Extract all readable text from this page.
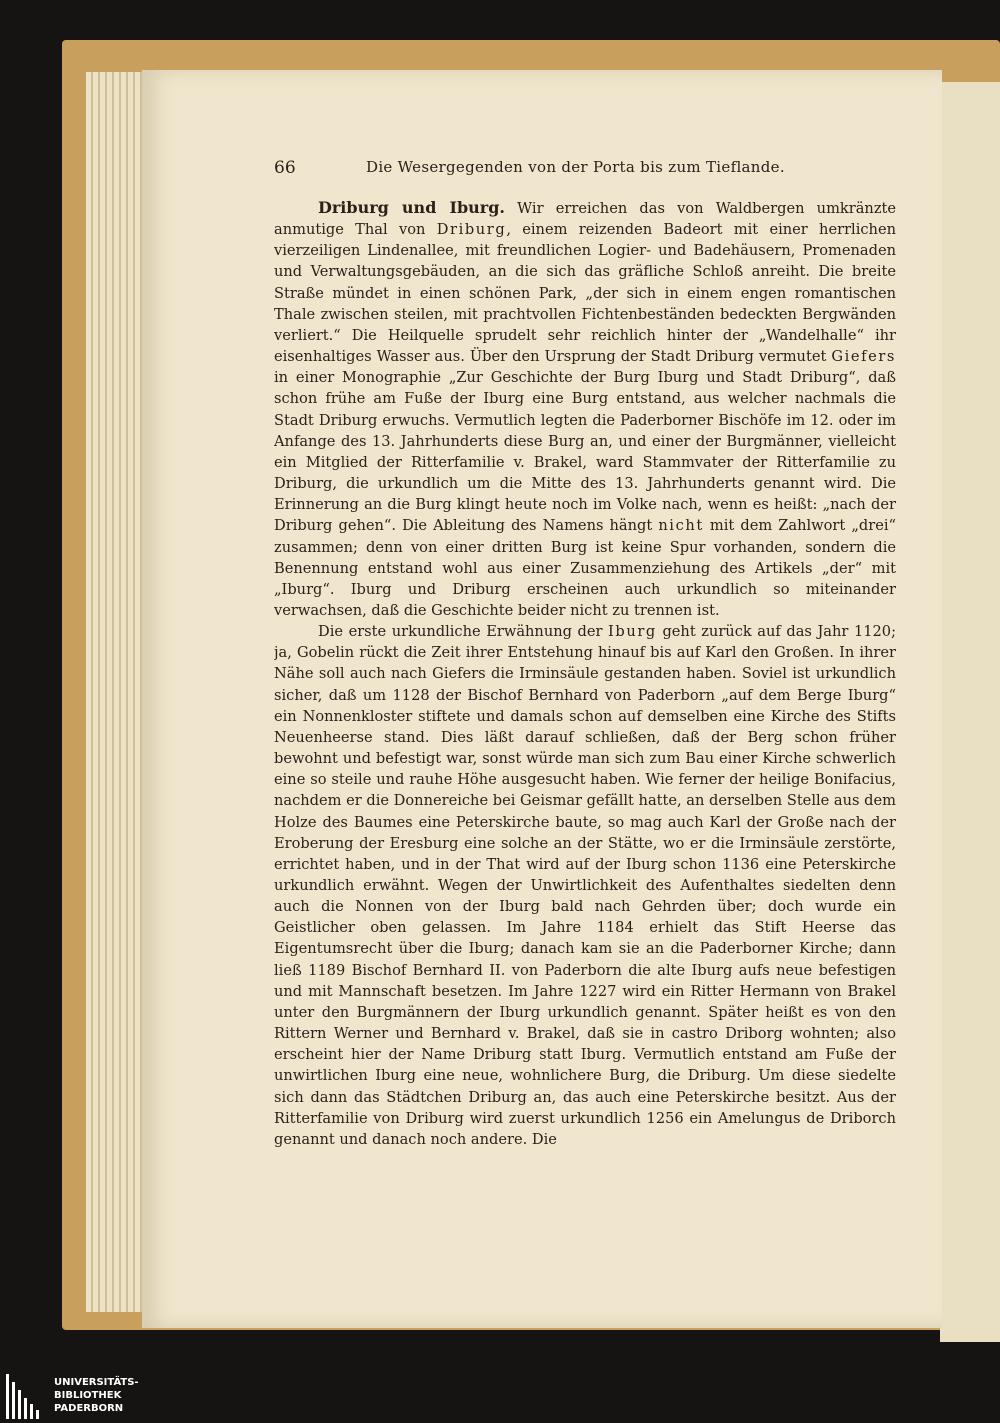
66	Die Wesergegenden von der Porta bis zum Tieflande.

Driburg und Iburg. Wir erreichen das von Waldbergen umkränzte anmutige Thal von Driburg, einem reizenden Badeort mit einer herrlichen vierzeiligen Lindenallee, mit freundlichen Logier- und Badehäusern, Promenaden und Verwaltungsgebäuden, an die sich das gräfliche Schloß anreiht. Die breite Straße mündet in einen schönen Park, „der sich in einem engen romantischen Thale zwischen steilen, mit prachtvollen Fichtenbeständen bedeckten Bergwänden verliert.“ Die Heilquelle sprudelt sehr reichlich hinter der „Wandelhalle“ ihr eisenhaltiges Wasser aus. Über den Ursprung der Stadt Driburg vermutet Giefers in einer Monographie „Zur Geschichte der Burg Iburg und Stadt Driburg“, daß schon frühe am Fuße der Iburg eine Burg entstand, aus welcher nachmals die Stadt Driburg erwuchs. Vermutlich legten die Paderborner Bischöfe im 12. oder im Anfange des 13. Jahrhunderts diese Burg an, und einer der Burgmänner, vielleicht ein Mitglied der Ritterfamilie v. Brakel, ward Stammvater der Ritterfamilie zu Driburg, die urkundlich um die Mitte des 13. Jahrhunderts genannt wird. Die Erinnerung an die Burg klingt heute noch im Volke nach, wenn es heißt: „nach der Driburg gehen“. Die Ableitung des Namens hängt nicht mit dem Zahlwort „drei“ zusammen; denn von einer dritten Burg ist keine Spur vorhanden, sondern die Benennung entstand wohl aus einer Zusammenziehung des Artikels „der“ mit „Iburg“. Iburg und Driburg erscheinen auch urkundlich so miteinander verwachsen, daß die Geschichte beider nicht zu trennen ist.

Die erste urkundliche Erwähnung der Iburg geht zurück auf das Jahr 1120; ja, Gobelin rückt die Zeit ihrer Entstehung hinauf bis auf Karl den Großen. In ihrer Nähe soll auch nach Giefers die Irminsäule gestanden haben. Soviel ist urkundlich sicher, daß um 1128 der Bischof Bernhard von Paderborn „auf dem Berge Iburg“ ein Nonnenkloster stiftete und damals schon auf demselben eine Kirche des Stifts Neuenheerse stand. Dies läßt darauf schließen, daß der Berg schon früher bewohnt und befestigt war, sonst würde man sich zum Bau einer Kirche schwerlich eine so steile und rauhe Höhe ausgesucht haben. Wie ferner der heilige Bonifacius, nachdem er die Donnereiche bei Geismar gefällt hatte, an derselben Stelle aus dem Holze des Baumes eine Peterskirche baute, so mag auch Karl der Große nach der Eroberung der Eresburg eine solche an der Stätte, wo er die Irminsäule zerstörte, errichtet haben, und in der That wird auf der Iburg schon 1136 eine Peterskirche urkundlich erwähnt. Wegen der Unwirtlichkeit des Aufenthaltes siedelten denn auch die Nonnen von der Iburg bald nach Gehrden über; doch wurde ein Geistlicher oben gelassen. Im Jahre 1184 erhielt das Stift Heerse das Eigentumsrecht über die Iburg; danach kam sie an die Paderborner Kirche; dann ließ 1189 Bischof Bernhard II. von Paderborn die alte Iburg aufs neue befestigen und mit Mannschaft besetzen. Im Jahre 1227 wird ein Ritter Hermann von Brakel unter den Burgmännern der Iburg urkundlich genannt. Später heißt es von den Rittern Werner und Bernhard v. Brakel, daß sie in castro Driborg wohnten; also erscheint hier der Name Driburg statt Iburg. Vermutlich entstand am Fuße der unwirtlichen Iburg eine neue, wohnlichere Burg, die Driburg. Um diese siedelte sich dann das Städtchen Driburg an, das auch eine Peterskirche besitzt. Aus der Ritterfamilie von Driburg wird zuerst urkundlich 1256 ein Amelungus de Driborch genannt und danach noch andere. Die

UNIVERSITÄTS-
BIBLIOTHEK
PADERBORN
